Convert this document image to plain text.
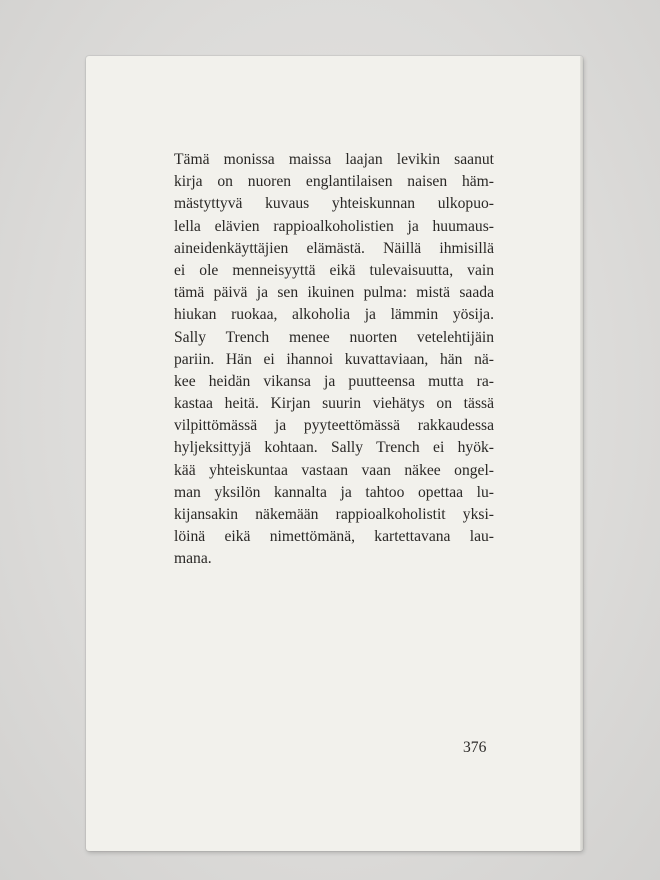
Tämä monissa maissa laajan levikin saanut
kirja on nuoren englantilaisen naisen häm-
mästyttyvä kuvaus yhteiskunnan ulkopuo-
lella elävien rappioalkoholistien ja huumaus-
aineidenkäyttäjien elämästä. Näillä ihmisillä
ei ole menneisyyttä eikä tulevaisuutta, vain
tämä päivä ja sen ikuinen pulma: mistä saada
hiukan ruokaa, alkoholia ja lämmin yösija.
Sally Trench menee nuorten vetelehtijäin
pariin. Hän ei ihannoi kuvattaviaan, hän nä-
kee heidän vikansa ja puutteensa mutta ra-
kastaa heitä. Kirjan suurin viehätys on tässä
vilpittömässä ja pyyteettömässä rakkaudessa
hyljeksittyjä kohtaan. Sally Trench ei hyök-
kää yhteiskuntaa vastaan vaan näkee ongel-
man yksilön kannalta ja tahtoo opettaa lu-
kijansakin näkemään rappioalkoholistit yksi-
löinä eikä nimettömänä, kartettavana lau-
mana.
376
